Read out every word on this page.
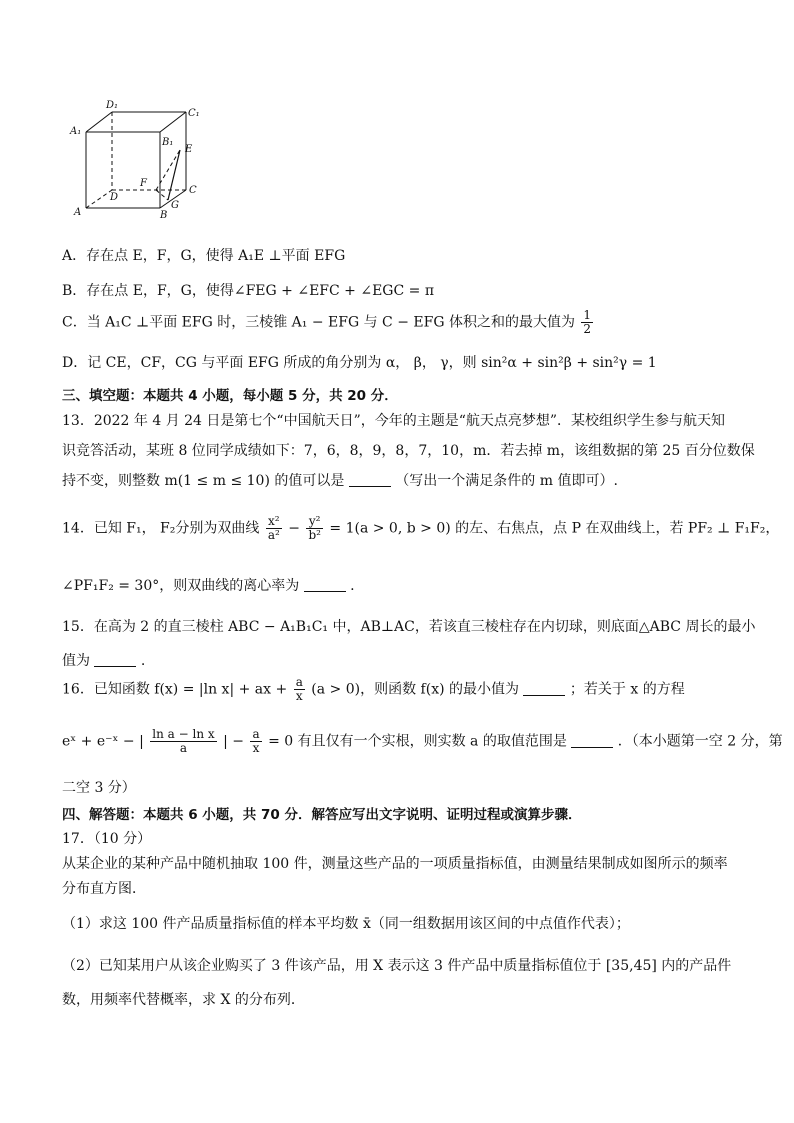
D₁
C₁
A₁
B₁
E
F
C
D
A	B
G
A．存在点 E，F，G，使得 A₁E ⊥平面 EFG
B．存在点 E，F，G，使得∠FEG + ∠EFC + ∠EGC = π
C．当 A₁C ⊥平面 EFG 时，三棱锥 A₁ − EFG 与 C − EFG 体积之和的最大值为 $\frac{1}{2}$
D．记 CE，CF，CG 与平面 EFG 所成的角分别为 α， β， γ，则 sin²α + sin²β + sin²γ = 1
三、填空题：本题共 4 小题，每小题 5 分，共 20 分．
13．2022 年 4 月 24 日是第七个“中国航天日”，今年的主题是“航天点亮梦想”．某校组织学生参与航天知
识竞答活动，某班 8 位同学成绩如下：7，6，8，9，8，7，10，m．若去掉 m，该组数据的第 25 百分位数保
持不变，则整数 m(1 ≤ m ≤ 10) 的值可以是	（写出一个满足条件的 m 值即可）.
14．已知 F₁， F₂分别为双曲线 $\frac{\text{x²}}{\text{a²}} - \frac{\text{y²}}{\text{b²}} = 1(a > 0$, b > 0) 的左、右焦点，点 P 在双曲线上，若 PF₂ ⊥ F₁F₂，
∠PF₁F₂ = 30°，则双曲线的离心率为	.
15．在高为 2 的直三棱柱 ABC − A₁B₁C₁ 中，AB⊥AC，若该直三棱柱存在内切球，则底面△ABC 周长的最小
值为	.
16．已知函数 f(x) = |ln x| + ax + $\frac{a}{x} (a > 0)$，则函数 f(x) 的最小值为	；若关于 x 的方程
eˣ + e⁻ˣ − | $\frac{\text{ln a − ln x}}{a}$ | − $\frac{a}{x} = 0$ 有且仅有一个实根，则实数 a 的取值范围是	．（本小题第一空 2 分，第
二空 3 分）
四、解答题：本题共 6 小题，共 70 分．解答应写出文字说明、证明过程或演算步骤．
17．（10 分）
从某企业的某种产品中随机抽取 100 件，测量这些产品的一项质量指标值，由测量结果制成如图所示的频率
分布直方图．
（1）求这 100 件产品质量指标值的样本平均数 x̄（同一组数据用该区间的中点值作代表）；
（2）已知某用户从该企业购买了 3 件该产品，用 X 表示这 3 件产品中质量指标值位于 [35,45] 内的产品件
数，用频率代替概率，求 X 的分布列．
